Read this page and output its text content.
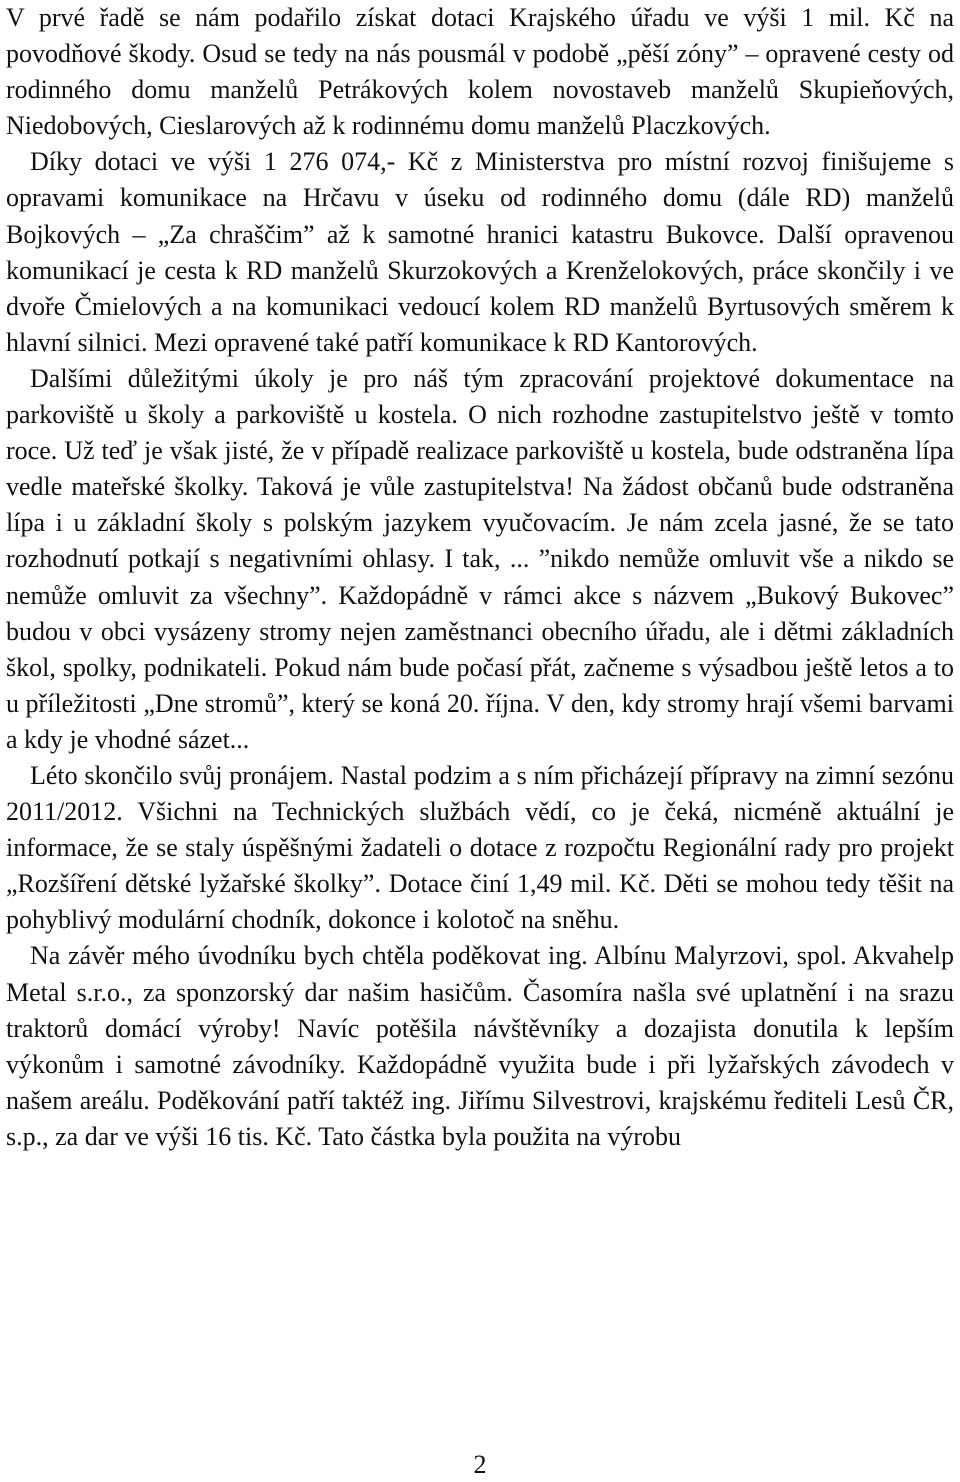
V prvé řadě se nám podařilo získat dotaci Krajského úřadu ve výši 1 mil. Kč na povodňové škody. Osud se tedy na nás pousmál v podobě „pěší zóny” – opravené cesty od rodinného domu manželů Petrákových kolem novostaveb manželů Skupieňových, Niedobových, Cieslarových až k rodinnému domu manželů Placzkových.

Díky dotaci ve výši 1 276 074,- Kč z Ministerstva pro místní rozvoj finišujeme s opravami komunikace na Hrčavu v úseku od rodinného domu (dále RD) manželů Bojkových – „Za chraščim” až k samotné hranici katastru Bukovce. Další opravenou komunikací je cesta k RD manželů Skurzokových a Krenželokových, práce skončily i ve dvoře Čmielových a na komunikaci vedoucí kolem RD manželů Byrtusových směrem k hlavní silnici. Mezi opravené také patří komunikace k RD Kantorových.

Dalšími důležitými úkoly je pro náš tým zpracování projektové dokumentace na parkoviště u školy a parkoviště u kostela. O nich rozhodne zastupitelstvo ještě v tomto roce. Už teď je však jisté, že v případě realizace parkoviště u kostela, bude odstraněna lípa vedle mateřské školky. Taková je vůle zastupitelstva! Na žádost občanů bude odstraněna lípa i u základní školy s polským jazykem vyučovacím. Je nám zcela jasné, že se tato rozhodnutí potkají s negativními ohlasy. I tak, ... ”nikdo nemůže omluvit vše a nikdo se nemůže omluvit za všechny”. Každopádně v rámci akce s názvem „Bukový Bukovec” budou v obci vysázeny stromy nejen zaměstnanci obecního úřadu, ale i dětmi základních škol, spolky, podnikateli. Pokud nám bude počasí přát, začneme s výsadbou ještě letos a to u příležitosti „Dne stromů”, který se koná 20. října. V den, kdy stromy hrají všemi barvami a kdy je vhodné sázet...

Léto skončilo svůj pronájem. Nastal podzim a s ním přicházejí přípravy na zimní sezónu 2011/2012. Všichni na Technických službách vědí, co je čeká, nicméně aktuální je informace, že se staly úspěšnými žadateli o dotace z rozpočtu Regionální rady pro projekt „Rozšíření dětské lyžařské školky”. Dotace činí 1,49 mil. Kč. Děti se mohou tedy těšit na pohyblivý modulární chodník, dokonce i kolotoč na sněhu.

Na závěr mého úvodníku bych chtěla poděkovat ing. Albínu Malyrzovi, spol. Akvahelp Metal s.r.o., za sponzorský dar našim hasičům. Časomíra našla své uplatnění i na srazu traktorů domácí výroby! Navíc potěšila návštěvníky a dozajista donutila k lepším výkonům i samotné závodníky. Každopádně využita bude i při lyžařských závodech v našem areálu. Poděkování patří taktéž ing. Jiřímu Silvestrovi, krajskému řediteli Lesů ČR, s.p., za dar ve výši 16 tis. Kč. Tato částka byla použita na výrobu

2
